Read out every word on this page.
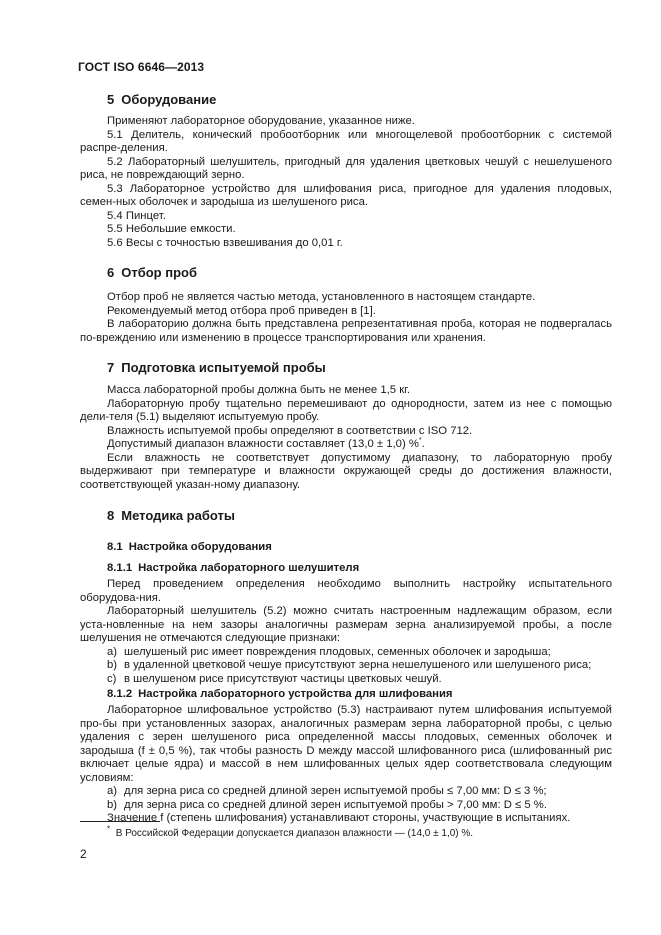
ГОСТ ISO 6646—2013
5 Оборудование

Применяют лабораторное оборудование, указанное ниже.

5.1 Делитель, конический пробоотборник или многощелевой пробоотборник с системой распре-деления.

5.2 Лабораторный шелушитель, пригодный для удаления цветковых чешуй с нешелушеного риса, не повреждающий зерно.

5.3 Лабораторное устройство для шлифования риса, пригодное для удаления плодовых, семен-ных оболочек и зародыша из шелушеного риса.

5.4 Пинцет.

5.5 Небольшие емкости.

5.6 Весы с точностью взвешивания до 0,01 г.

6 Отбор проб

Отбор проб не является частью метода, установленного в настоящем стандарте.

Рекомендуемый метод отбора проб приведен в [1].

В лабораторию должна быть представлена репрезентативная проба, которая не подвергалась по-вреждению или изменению в процессе транспортирования или хранения.

7 Подготовка испытуемой пробы

Масса лабораторной пробы должна быть не менее 1,5 кг.

Лабораторную пробу тщательно перемешивают до однородности, затем из нее с помощью дели-теля (5.1) выделяют испытуемую пробу.

Влажность испытуемой пробы определяют в соответствии с ISO 712.

Допустимый диапазон влажности составляет (13,0 ± 1,0) %*.

Если влажность не соответствует допустимому диапазону, то лабораторную пробу выдерживают при температуре и влажности окружающей среды до достижения влажности, соответствующей указан-ному диапазону.

8 Методика работы
8.1 Настройка оборудования
8.1.1 Настройка лабораторного шелушителя

Перед проведением определения необходимо выполнить настройку испытательного оборудова-ния.

Лабораторный шелушитель (5.2) можно считать настроенным надлежащим образом, если уста-новленные на нем зазоры аналогичны размерам зерна анализируемой пробы, а после шелушения не отмечаются следующие признаки:

a) шелушеный рис имеет повреждения плодовых, семенных оболочек и зародыша;

b) в удаленной цветковой чешуе присутствуют зерна нешелушеного или шелушеного риса;

c) в шелушеном рисе присутствуют частицы цветковых чешуй.

8.1.2 Настройка лабораторного устройства для шлифования

Лабораторное шлифовальное устройство (5.3) настраивают путем шлифования испытуемой про-бы при установленных зазорах, аналогичных размерам зерна лабораторной пробы, с целью удаления с зерен шелушеного риса определенной массы плодовых, семенных оболочек и зародыша (f ± 0,5 %), так чтобы разность D между массой шлифованного риса (шлифованный рис включает целые ядра) и массой в нем шлифованных целых ядер соответствовала следующим условиям:

a) для зерна риса со средней длиной зерен испытуемой пробы ≤ 7,00 мм: D ≤ 3 %;

b) для зерна риса со средней длиной зерен испытуемой пробы > 7,00 мм: D ≤ 5 %.

Значение f (степень шлифования) устанавливают стороны, участвующие в испытаниях.

* В Российской Федерации допускается диапазон влажности — (14,0 ± 1,0) %.
2
